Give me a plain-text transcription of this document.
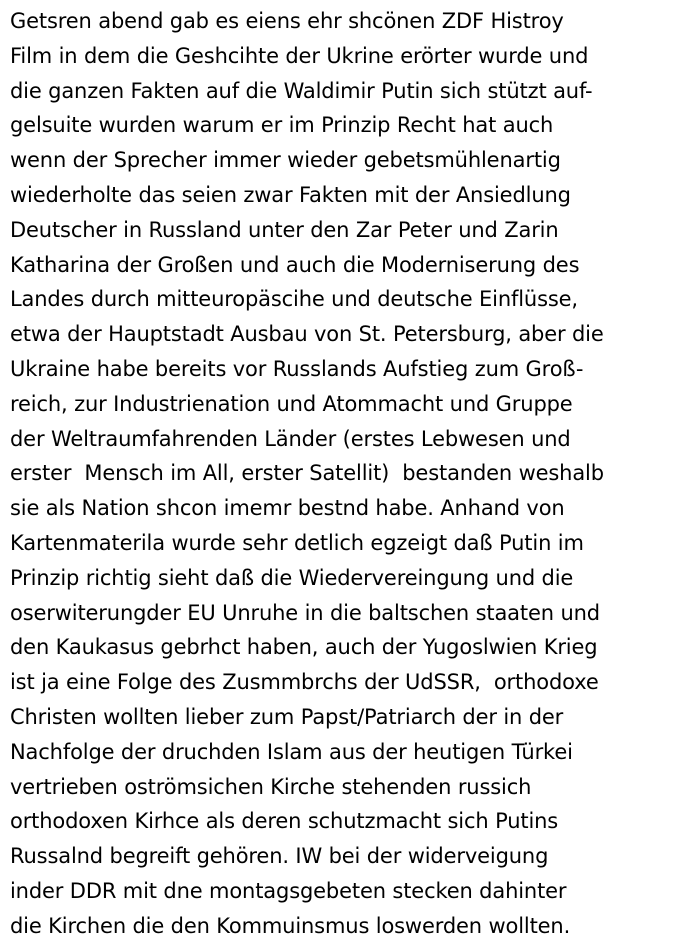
Getsren abend gab es eiens ehr shcönen ZDF Histroy
Film in dem die Geshcihte der Ukrine erörter wurde und
die ganzen Fakten auf die Waldimir Putin sich stützt auf-
gelsuite wurden warum er im Prinzip Recht hat auch
wenn der Sprecher immer wieder gebetsmühlenartig
wiederholte das seien zwar Fakten mit der Ansiedlung
Deutscher in Russland unter den Zar Peter und Zarin
Katharina der Großen und auch die Moderniserung des
Landes durch mitteuropäscihe und deutsche Einflüsse,
etwa der Hauptstadt Ausbau von St. Petersburg, aber die
Ukraine habe bereits vor Russlands Aufstieg zum Groß-
reich, zur Industrienation und Atommacht und Gruppe
der Weltraumfahrenden Länder (erstes Lebwesen und
erster  Mensch im All, erster Satellit)  bestanden weshalb
sie als Nation shcon imemr bestnd habe. Anhand von
Kartenmaterila wurde sehr detlich egzeigt daß Putin im
Prinzip richtig sieht daß die Wiedervereingung und die
oserwiterungder EU Unruhe in die baltschen staaten und
den Kaukasus gebrhct haben, auch der Yugoslwien Krieg
ist ja eine Folge des Zusmmbrchs der UdSSR,  orthodoxe
Christen wollten lieber zum Papst/Patriarch der in der
Nachfolge der druchden Islam aus der heutigen Türkei
vertrieben oströmsichen Kirche stehenden russich
orthodoxen Kirhce als deren schutzmacht sich Putins
Russalnd begreift gehören. IW bei der widerveigung
inder DDR mit dne montagsgebeten stecken dahinter
die Kirchen die den Kommuinsmus loswerden wollten.
